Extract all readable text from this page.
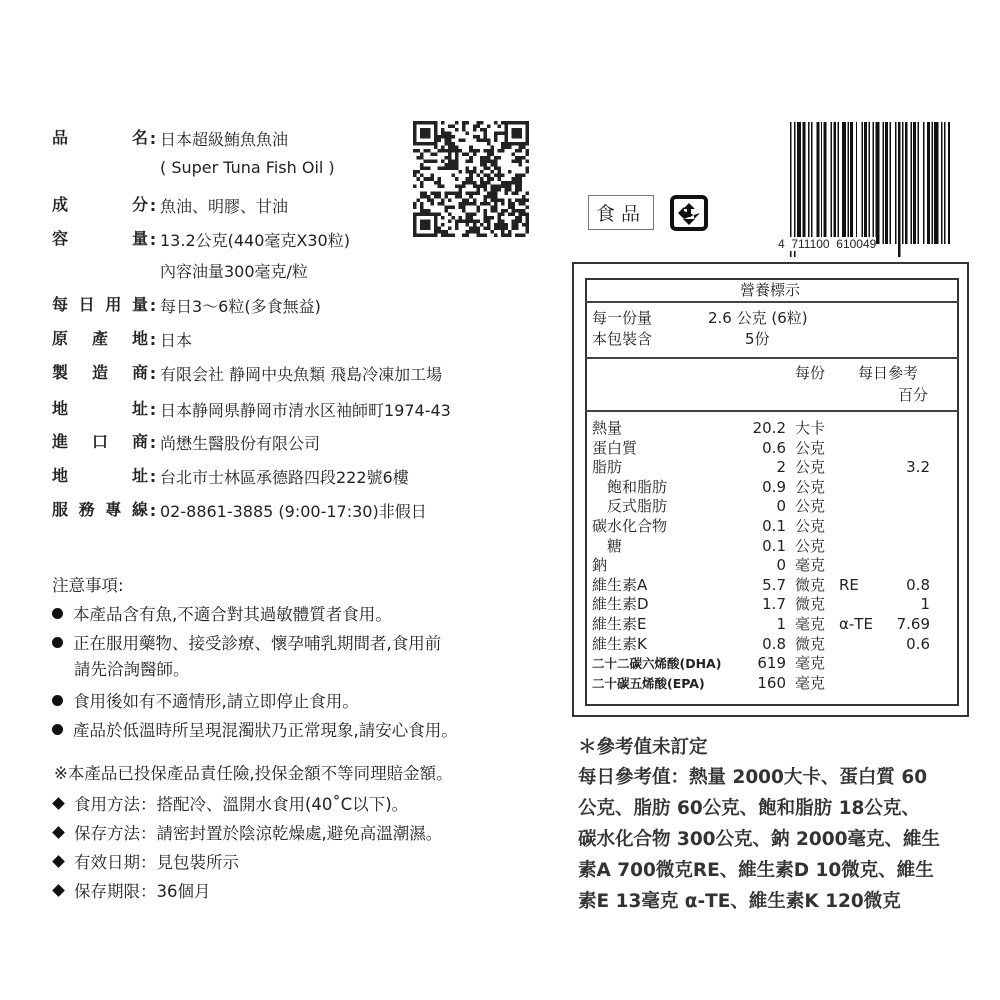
品名 : 日本超級鮪魚魚油
( Super Tuna Fish Oil )
成分 : 魚油、明膠、甘油
容量 : 13.2公克(440毫克X30粒)
內容油量300毫克/粒
每日用量 : 每日3～6粒(多食無益)
原產地 : 日本
製造商 : 有限会社 静岡中央魚類 飛島冷凍加工場
地址 : 日本静岡県静岡市清水区袖師町1974-43
進口商 : 尚懋生醫股份有限公司
地址 : 台北市士林區承德路四段222號6樓
服務專線 : 02-8861-3885 (9:00-17:30)非假日
食品
4  711100  610049
營養標示
每一份量	2.6 公克 (6粒)
本包裝含	5份
每份 每日參考
百分
熱量	20.2 大卡
蛋白質	0.6 公克
脂肪	2 公克	3.2
　飽和脂肪	0.9 公克
　反式脂肪	0 公克
碳水化合物	0.1 公克
　糖	0.1 公克
鈉	0 毫克
維生素A	5.7 微克 RE	0.8
維生素D	1.7 微克	1
維生素E	1 毫克 α-TE 7.69
維生素K	0.8 微克	0.6
二十二碳六烯酸(DHA) 619 毫克
二十碳五烯酸(EPA)	160 毫克
注意事項:
本產品含有魚,不適合對其過敏體質者食用。
正在服用藥物、接受診療、懷孕哺乳期間者,食用前
請先洽詢醫師。
食用後如有不適情形,請立即停止食用。
產品於低溫時所呈現混濁狀乃正常現象,請安心食用。
※本產品已投保產品責任險,投保金額不等同理賠金額。
食用方法：搭配冷、溫開水食用(40˚C以下)。
保存方法：請密封置於陰涼乾燥處,避免高溫潮濕。
有效日期：見包裝所示
保存期限：36個月
＊參考值未訂定
每日參考值：熱量 2000大卡、蛋白質 60
公克、脂肪 60公克、飽和脂肪 18公克、
碳水化合物 300公克、鈉 2000毫克、維生
素A 700微克RE、維生素D 10微克、維生
素E 13毫克 α-TE、維生素K 120微克
